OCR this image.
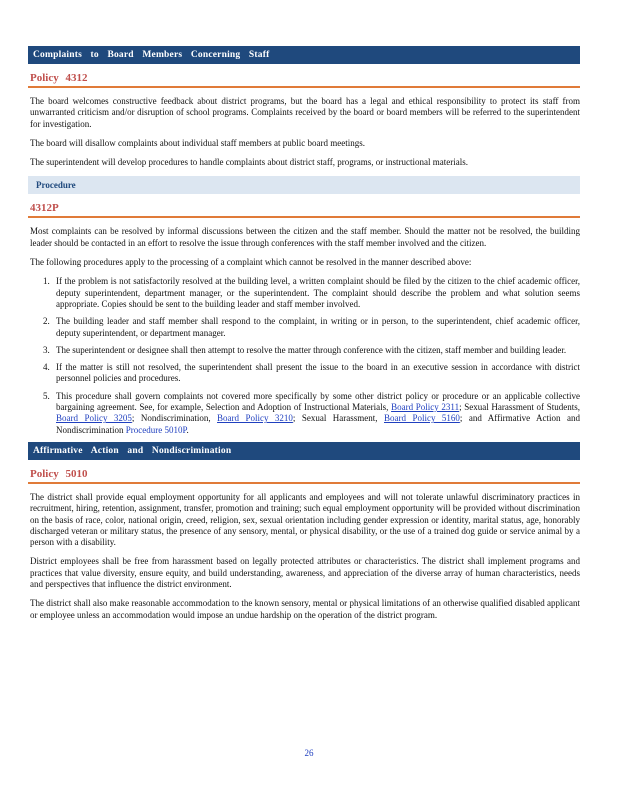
Complaints to Board Members Concerning Staff
Policy 4312

The board welcomes constructive feedback about district programs, but the board has a legal and ethical responsibility to protect its staff from unwarranted criticism and/or disruption of school programs. Complaints received by the board or board members will be referred to the superintendent for investigation.

The board will disallow complaints about individual staff members at public board meetings.

The superintendent will develop procedures to handle complaints about district staff, programs, or instructional materials.

Procedure
4312P

Most complaints can be resolved by informal discussions between the citizen and the staff member. Should the matter not be resolved, the building leader should be contacted in an effort to resolve the issue through conferences with the staff member involved and the citizen.

The following procedures apply to the processing of a complaint which cannot be resolved in the manner described above:

1. If the problem is not satisfactorily resolved at the building level, a written complaint should be filed by the citizen to the chief academic officer, deputy superintendent, department manager, or the superintendent. The complaint should describe the problem and what solution seems appropriate. Copies should be sent to the building leader and staff member involved.
2. The building leader and staff member shall respond to the complaint, in writing or in person, to the superintendent, chief academic officer, deputy superintendent, or department manager.
3. The superintendent or designee shall then attempt to resolve the matter through conference with the citizen, staff member and building leader.
4. If the matter is still not resolved, the superintendent shall present the issue to the board in an executive session in accordance with district personnel policies and procedures.
5. This procedure shall govern complaints not covered more specifically by some other district policy or procedure or an applicable collective bargaining agreement. See, for example, Selection and Adoption of Instructional Materials, Board Policy 2311; Sexual Harassment of Students, Board Policy 3205; Nondiscrimination, Board Policy 3210; Sexual Harassment, Board Policy 5160; and Affirmative Action and Nondiscrimination Procedure 5010P.
Affirmative Action and Nondiscrimination
Policy 5010

The district shall provide equal employment opportunity for all applicants and employees and will not tolerate unlawful discriminatory practices in recruitment, hiring, retention, assignment, transfer, promotion and training; such equal employment opportunity will be provided without discrimination on the basis of race, color, national origin, creed, religion, sex, sexual orientation including gender expression or identity, marital status, age, honorably discharged veteran or military status, the presence of any sensory, mental, or physical disability, or the use of a trained dog guide or service animal by a person with a disability.

District employees shall be free from harassment based on legally protected attributes or characteristics. The district shall implement programs and practices that value diversity, ensure equity, and build understanding, awareness, and appreciation of the diverse array of human characteristics, needs and perspectives that influence the district environment.

The district shall also make reasonable accommodation to the known sensory, mental or physical limitations of an otherwise qualified disabled applicant or employee unless an accommodation would impose an undue hardship on the operation of the district program.

26
